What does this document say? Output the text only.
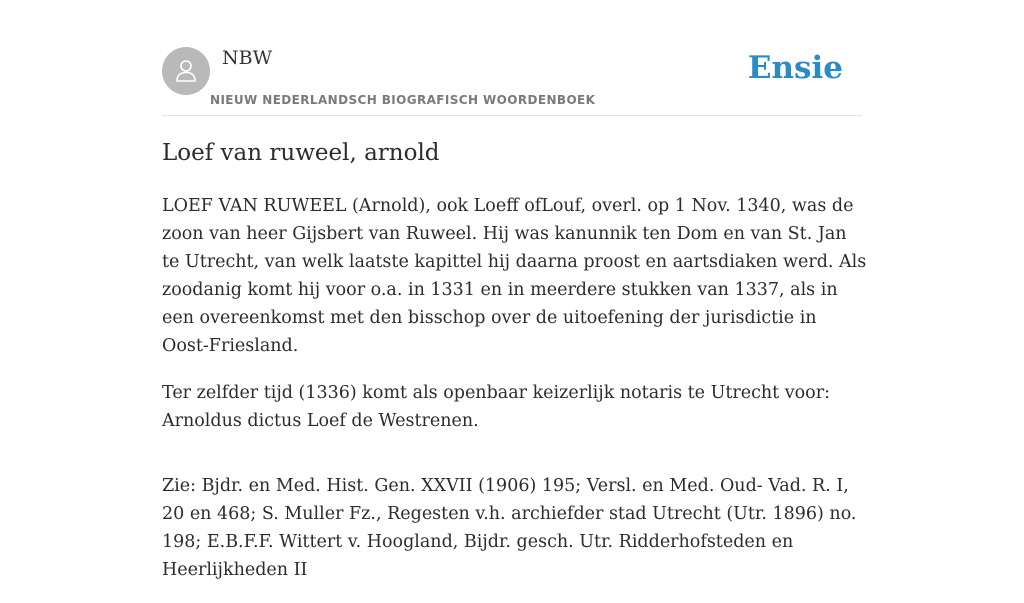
NBW
NIEUW NEDERLANDSCH BIOGRAFISCH WOORDENBOEK
Ensie
Loef van ruweel, arnold

LOEF VAN RUWEEL (Arnold), ook Loeff ofLouf, overl. op 1 Nov. 1340, was de zoon van heer Gijsbert van Ruweel. Hij was kanunnik ten Dom en van St. Jan te Utrecht, van welk laatste kapittel hij daarna proost en aartsdiaken werd. Als zoodanig komt hij voor o.a. in 1331 en in meerdere stukken van 1337, als in een overeenkomst met den bisschop over de uitoefening der jurisdictie in Oost-Friesland.

Ter zelfder tijd (1336) komt als openbaar keizerlijk notaris te Utrecht voor: Arnoldus dictus Loef de Westrenen.

Zie: Bjdr. en Med. Hist. Gen. XXVII (1906) 195; Versl. en Med. Oud- Vad. R. I, 20 en 468; S. Muller Fz., Regesten v.h. archiefder stad Utrecht (Utr. 1896) no. 198; E.B.F.F. Wittert v. Hoogland, Bijdr. gesch. Utr. Ridderhofsteden en Heerlijkheden II
